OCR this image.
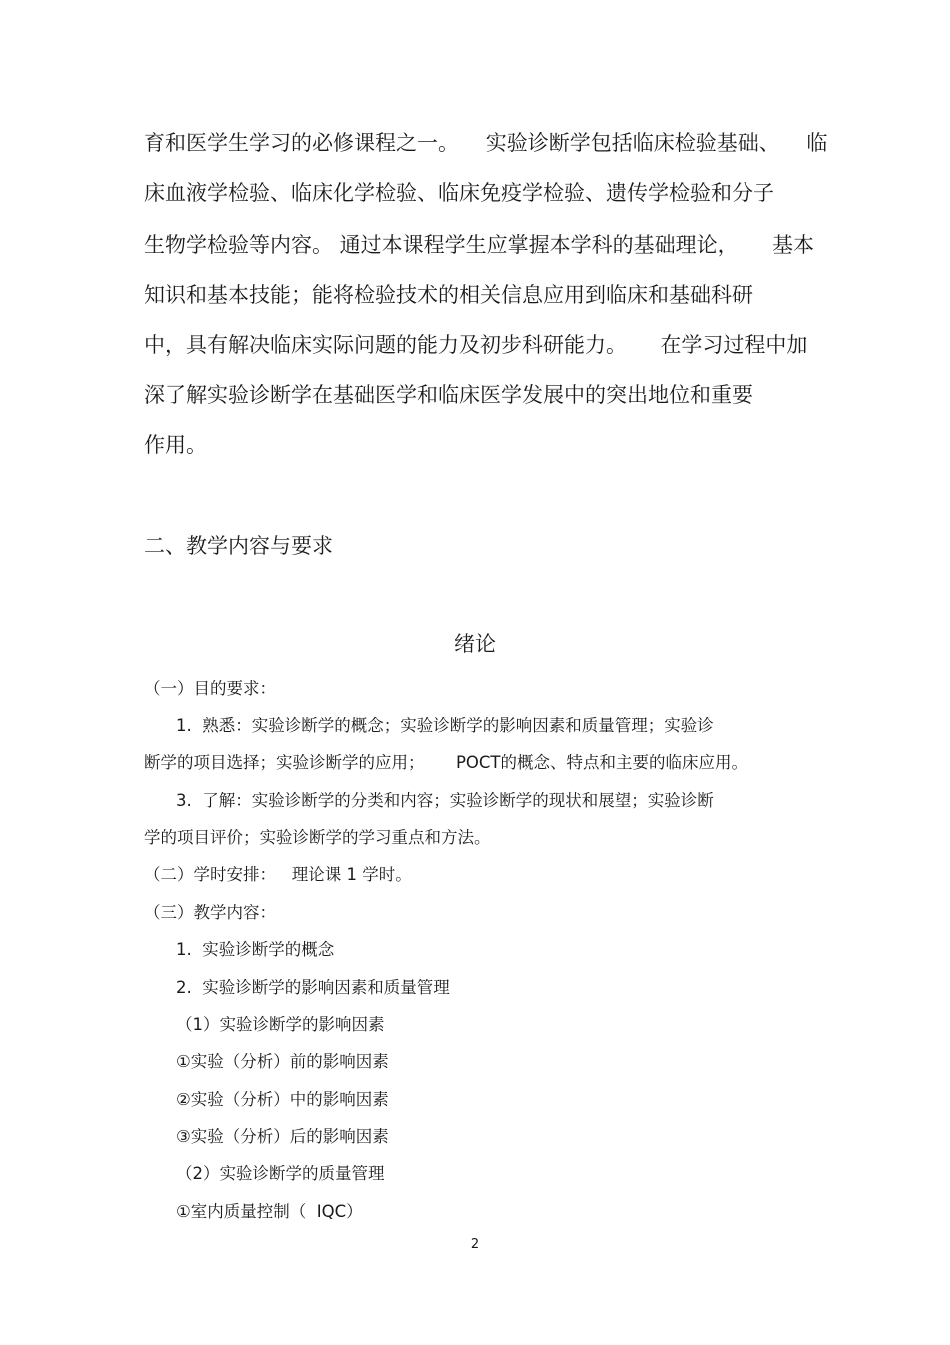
育和医学生学习的必修课程之一。    实验诊断学包括临床检验基础、    临
床血液学检验、临床化学检验、临床免疫学检验、遗传学检验和分子
生物学检验等内容。 通过本课程学生应掌握本学科的基础理论，     基本
知识和基本技能；能将检验技术的相关信息应用到临床和基础科研
中，具有解决临床实际问题的能力及初步科研能力。     在学习过程中加
深了解实验诊断学在基础医学和临床医学发展中的突出地位和重要
作用。
二、教学内容与要求
绪论
（一）目的要求：
1.  熟悉：实验诊断学的概念；实验诊断学的影响因素和质量管理；实验诊
断学的项目选择；实验诊断学的应用；      POCT的概念、特点和主要的临床应用。
3.  了解：实验诊断学的分类和内容；实验诊断学的现状和展望；实验诊断
学的项目评价；实验诊断学的学习重点和方法。
（二）学时安排：   理论课 1 学时。
（三）教学内容：
1.  实验诊断学的概念
2.  实验诊断学的影响因素和质量管理
（1）实验诊断学的影响因素
①实验（分析）前的影响因素
②实验（分析）中的影响因素
③实验（分析）后的影响因素
（2）实验诊断学的质量管理
①室内质量控制（  IQC）
2
